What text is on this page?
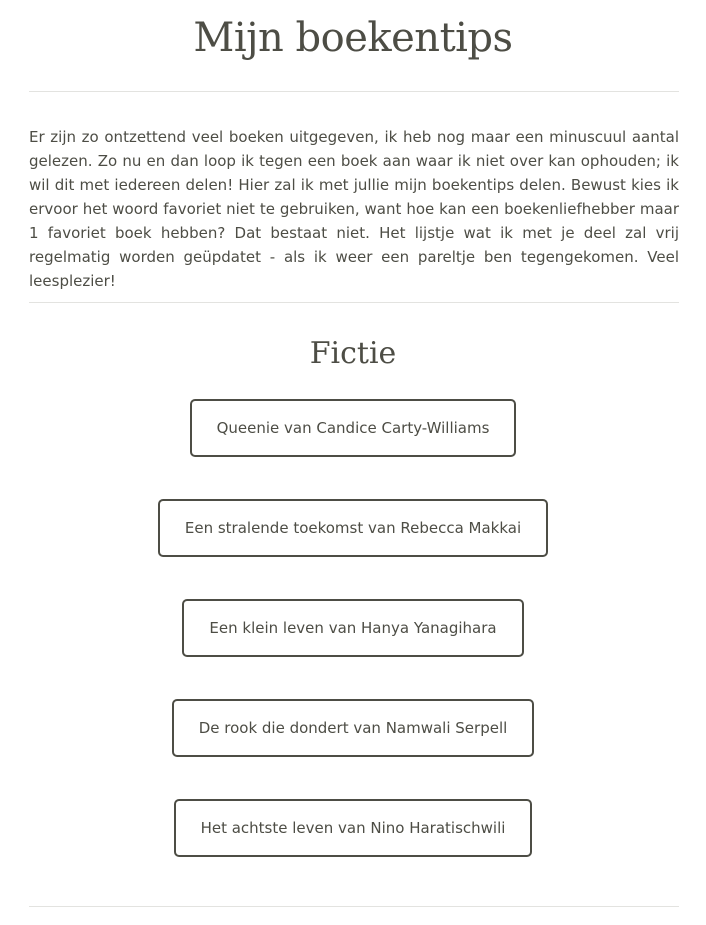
Mijn boekentips

Er zijn zo ontzettend veel boeken uitgegeven, ik heb nog maar een minuscuul aantal gelezen. Zo nu en dan loop ik tegen een boek aan waar ik niet over kan ophouden; ik wil dit met iedereen delen! Hier zal ik met jullie mijn boekentips delen. Bewust kies ik ervoor het woord favoriet niet te gebruiken, want hoe kan een boekenliefhebber maar 1 favoriet boek hebben? Dat bestaat niet. Het lijstje wat ik met je deel zal vrij regelmatig worden geüpdatet - als ik weer een pareltje ben tegengekomen. Veel leesplezier!

Fictie
Queenie van Candice Carty-Williams
Een stralende toekomst van Rebecca Makkai
Een klein leven van Hanya Yanagihara
De rook die dondert van Namwali Serpell
Het achtste leven van Nino Haratischwili
